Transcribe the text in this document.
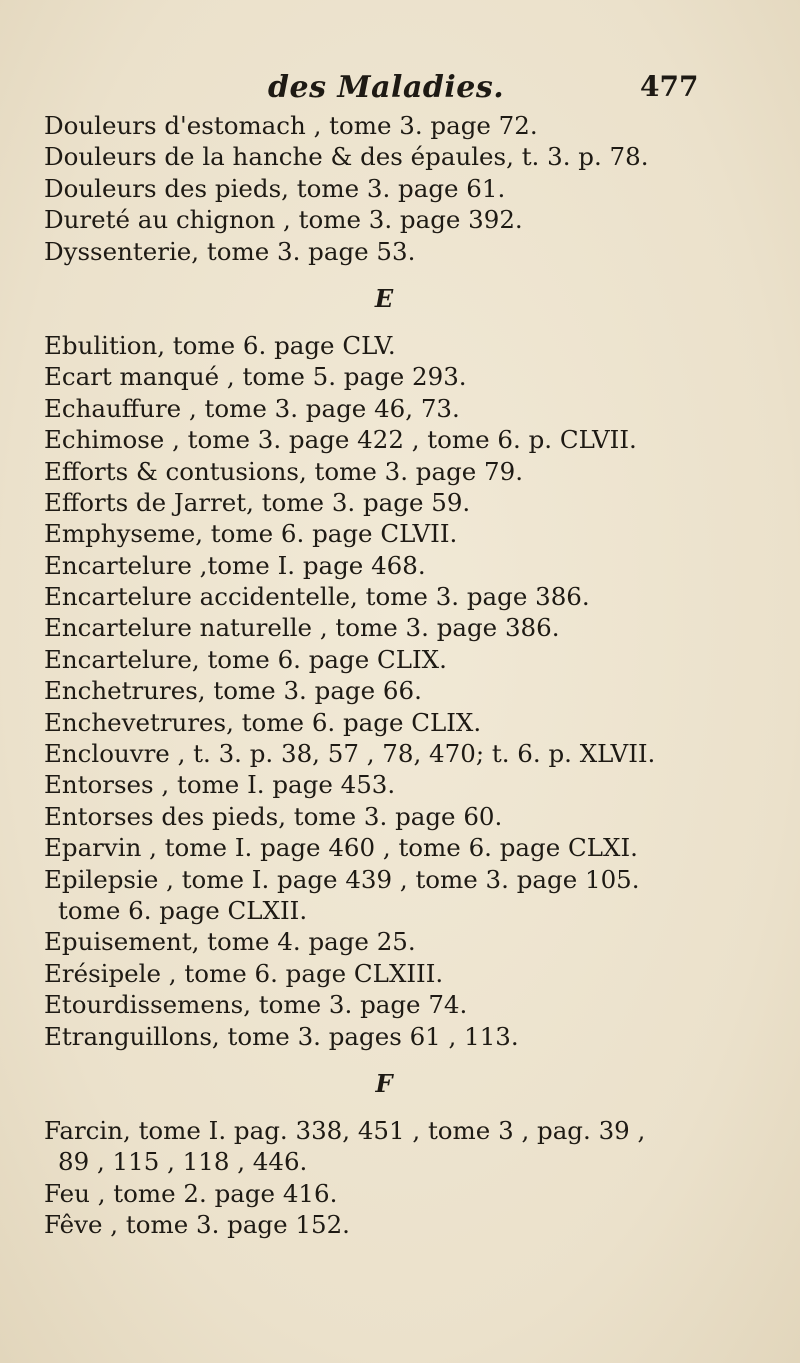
des Maladies.	477
Douleurs d'estomach , tome 3. page 72.
Douleurs de la hanche & des épaules, t. 3. p. 78.
Douleurs des pieds, tome 3. page 61.
Dureté au chignon , tome 3. page 392.
Dyssenterie, tome 3. page 53.
E
Ebulition, tome 6. page CLV.
Ecart manqué , tome 5. page 293.
Echauffure , tome 3. page 46, 73.
Echimose , tome 3. page 422 , tome 6. p. CLVII.
Efforts & contusions, tome 3. page 79.
Efforts de Jarret, tome 3. page 59.
Emphyseme, tome 6. page CLVII.
Encartelure ,tome I. page 468.
Encartelure accidentelle, tome 3. page 386.
Encartelure naturelle , tome 3. page 386.
Encartelure, tome 6. page CLIX.
Enchetrures, tome 3. page 66.
Enchevetrures, tome 6. page CLIX.
Enclouvre , t. 3. p. 38, 57 , 78, 470; t. 6. p. XLVII.
Entorses , tome I. page 453.
Entorses des pieds, tome 3. page 60.
Eparvin , tome I. page 460 , tome 6. page CLXI.
Epilepsie , tome I. page 439 , tome 3. page 105.
tome 6. page CLXII.
Epuisement, tome 4. page 25.
Erésipele , tome 6. page CLXIII.
Etourdissemens, tome 3. page 74.
Etranguillons, tome 3. pages 61 , 113.
F
Farcin, tome I. pag. 338, 451 , tome 3 , pag. 39 ,
89 , 115 , 118 , 446.
Feu , tome 2. page 416.
Fêve , tome 3. page 152.
